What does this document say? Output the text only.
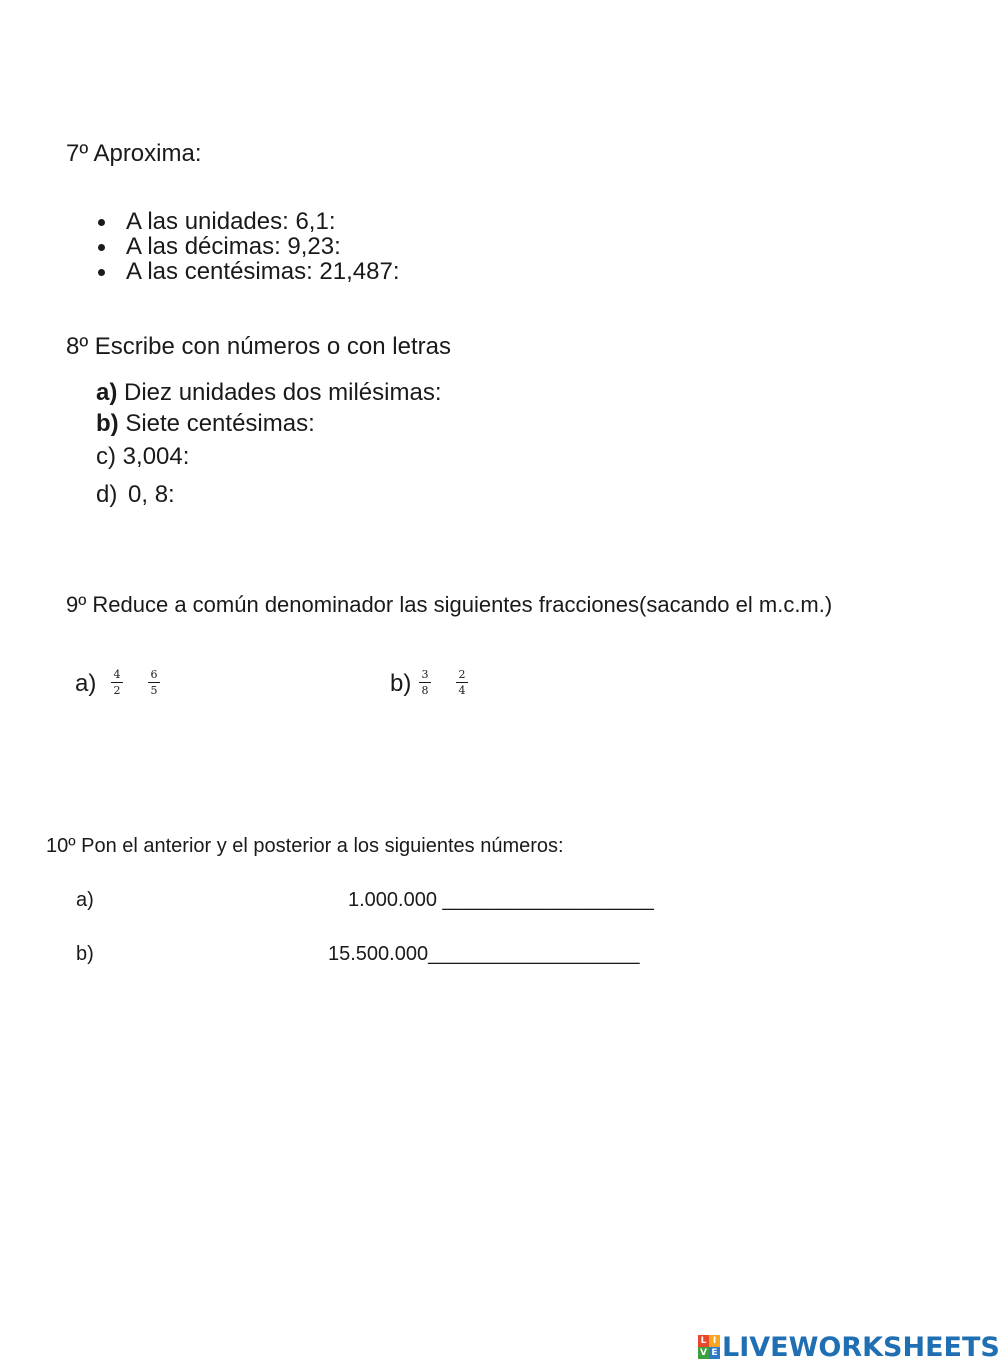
7º Aproxima:
A las unidades: 6,1:
A las décimas: 9,23:
A las centésimas: 21,487:
8º Escribe con números o con letras
a) Diez unidades dos milésimas:
b) Siete centésimas:
c) 3,004:
d) 0, 8:
9º Reduce a común denominador las siguientes fracciones(sacando el m.c.m.)
$a) \frac{4}{2} \frac{6}{5}$	$b) \frac{3}{8} \frac{2}{4}$
10º Pon el anterior y el posterior a los siguientes números:
a)	1.000.000 ___________________
b)	15.500.000___________________
L I
V E LIVEWORKSHEETS
